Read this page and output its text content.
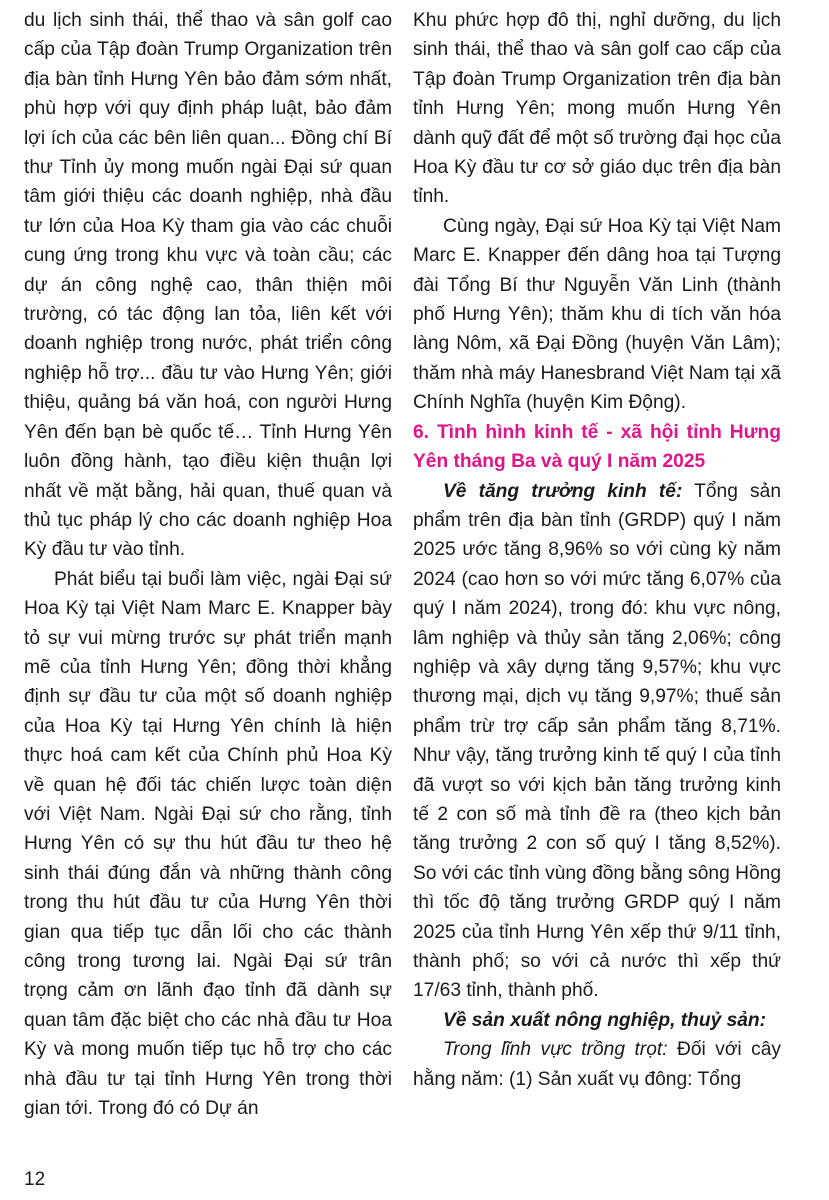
du lịch sinh thái, thể thao và sân golf cao cấp của Tập đoàn Trump Organization trên địa bàn tỉnh Hưng Yên bảo đảm sớm nhất, phù hợp với quy định pháp luật, bảo đảm lợi ích của các bên liên quan... Đồng chí Bí thư Tỉnh ủy mong muốn ngài Đại sứ quan tâm giới thiệu các doanh nghiệp, nhà đầu tư lớn của Hoa Kỳ tham gia vào các chuỗi cung ứng trong khu vực và toàn cầu; các dự án công nghệ cao, thân thiện môi trường, có tác động lan tỏa, liên kết với doanh nghiệp trong nước, phát triển công nghiệp hỗ trợ... đầu tư vào Hưng Yên; giới thiệu, quảng bá văn hoá, con người Hưng Yên đến bạn bè quốc tế… Tỉnh Hưng Yên luôn đồng hành, tạo điều kiện thuận lợi nhất về mặt bằng, hải quan, thuế quan và thủ tục pháp lý cho các doanh nghiệp Hoa Kỳ đầu tư vào tỉnh.

Phát biểu tại buổi làm việc, ngài Đại sứ Hoa Kỳ tại Việt Nam Marc E. Knapper bày tỏ sự vui mừng trước sự phát triển mạnh mẽ của tỉnh Hưng Yên; đồng thời khẳng định sự đầu tư của một số doanh nghiệp của Hoa Kỳ tại Hưng Yên chính là hiện thực hoá cam kết của Chính phủ Hoa Kỳ về quan hệ đối tác chiến lược toàn diện với Việt Nam. Ngài Đại sứ cho rằng, tỉnh Hưng Yên có sự thu hút đầu tư theo hệ sinh thái đúng đắn và những thành công trong thu hút đầu tư của Hưng Yên thời gian qua tiếp tục dẫn lối cho các thành công trong tương lai. Ngài Đại sứ trân trọng cảm ơn lãnh đạo tỉnh đã dành sự quan tâm đặc biệt cho các nhà đầu tư Hoa Kỳ và mong muốn tiếp tục hỗ trợ cho các nhà đầu tư tại tỉnh Hưng Yên trong thời gian tới. Trong đó có Dự án

Khu phức hợp đô thị, nghỉ dưỡng, du lịch sinh thái, thể thao và sân golf cao cấp của Tập đoàn Trump Organization trên địa bàn tỉnh Hưng Yên; mong muốn Hưng Yên dành quỹ đất để một số trường đại học của Hoa Kỳ đầu tư cơ sở giáo dục trên địa bàn tỉnh.

Cùng ngày, Đại sứ Hoa Kỳ tại Việt Nam Marc E. Knapper đến dâng hoa tại Tượng đài Tổng Bí thư Nguyễn Văn Linh (thành phố Hưng Yên); thăm khu di tích văn hóa làng Nôm, xã Đại Đồng (huyện Văn Lâm); thăm nhà máy Hanesbrand Việt Nam tại xã Chính Nghĩa (huyện Kim Động).

6. Tình hình kinh tế - xã hội tỉnh Hưng Yên tháng Ba và quý I năm 2025

Về tăng trưởng kinh tế: Tổng sản phẩm trên địa bàn tỉnh (GRDP) quý I năm 2025 ước tăng 8,96% so với cùng kỳ năm 2024 (cao hơn so với mức tăng 6,07% của quý I năm 2024), trong đó: khu vực nông, lâm nghiệp và thủy sản tăng 2,06%; công nghiệp và xây dựng tăng 9,57%; khu vực thương mại, dịch vụ tăng 9,97%; thuế sản phẩm trừ trợ cấp sản phẩm tăng 8,71%. Như vậy, tăng trưởng kinh tế quý I của tỉnh đã vượt so với kịch bản tăng trưởng kinh tế 2 con số mà tỉnh đề ra (theo kịch bản tăng trưởng 2 con số quý I tăng 8,52%). So với các tỉnh vùng đồng bằng sông Hồng thì tốc độ tăng trưởng GRDP quý I năm 2025 của tỉnh Hưng Yên xếp thứ 9/11 tỉnh, thành phố; so với cả nước thì xếp thứ 17/63 tỉnh, thành phố.

Về sản xuất nông nghiệp, thuỷ sản:

Trong lĩnh vực trồng trọt: Đối với cây hằng năm: (1) Sản xuất vụ đông: Tổng

12
